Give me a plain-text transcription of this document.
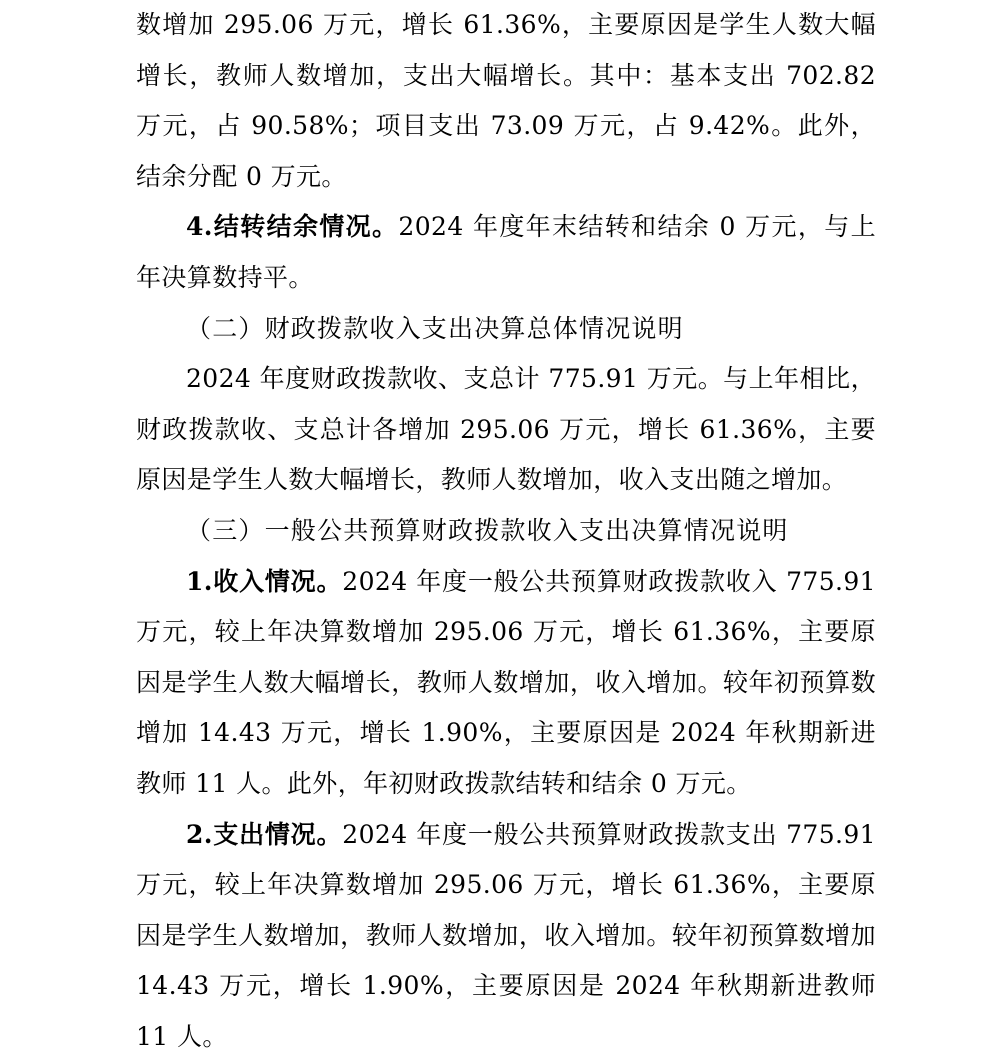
数增加 295.06 万元，增长 61.36%，主要原因是学生人数大幅增长，教师人数增加，支出大幅增长。其中：基本支出 702.82 万元，占 90.58%；项目支出 73.09 万元，占 9.42%。此外，结余分配 0 万元。

4.结转结余情况。2024 年度年末结转和结余 0 万元，与上年决算数持平。

（二）财政拨款收入支出决算总体情况说明

2024 年度财政拨款收、支总计 775.91 万元。与上年相比，财政拨款收、支总计各增加 295.06 万元，增长 61.36%，主要原因是学生人数大幅增长，教师人数增加，收入支出随之增加。

（三）一般公共预算财政拨款收入支出决算情况说明

1.收入情况。2024 年度一般公共预算财政拨款收入 775.91 万元，较上年决算数增加 295.06 万元，增长 61.36%，主要原因是学生人数大幅增长，教师人数增加，收入增加。较年初预算数增加 14.43 万元，增长 1.90%，主要原因是 2024 年秋期新进教师 11 人。此外，年初财政拨款结转和结余 0 万元。

2.支出情况。2024 年度一般公共预算财政拨款支出 775.91 万元，较上年决算数增加 295.06 万元，增长 61.36%，主要原因是学生人数增加，教师人数增加，收入增加。较年初预算数增加 14.43 万元，增长 1.90%，主要原因是 2024 年秋期新进教师 11 人。
